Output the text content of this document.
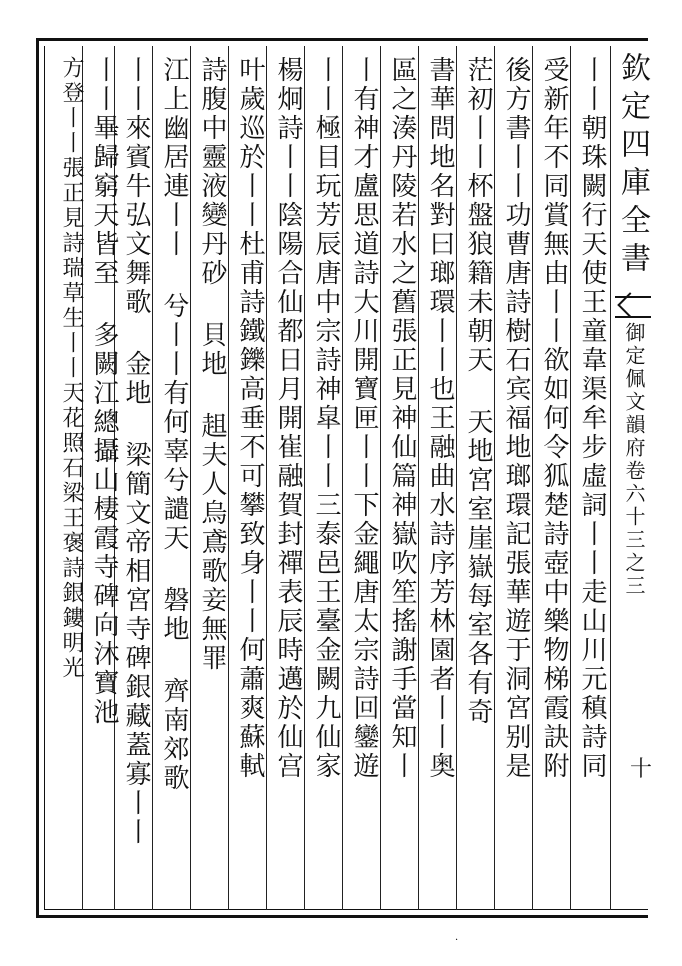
欽定四庫全書
御定佩文韻府卷六十三之三
十
丨丨朝珠闕行天使王童韋渠牟步虛詞丨丨走山川元稹詩同
受新年不同賞無由丨丨欲如何令狐楚詩壺中樂物梯霞訣附
後方書丨丨功曹唐詩樹石宾福地瑯環記張華遊于洞宮别是
茫初丨丨杯盤狼籍未朝天 天地宮室崖嶽每室各有奇
書華問地名對曰瑯環丨丨也王融曲水詩序芳林園者丨丨奥
區之湊丹陵若水之舊張正見神仙篇神嶽吹笙搖謝手當知丨
丨有神才盧思道詩大川開寶匣丨丨下金繩唐太宗詩回鑾遊
丨丨極目玩芳辰唐中宗詩神皐丨丨三泰邑王臺金闕九仙家
楊炯詩丨丨陰陽合仙都日月開崔融賀封禪表辰時邁於仙宫
叶歲巡於丨丨杜甫詩鐵鑠高垂不可攀致身丨丨何蕭爽蘇軾
詩腹中靈液變丹砂 貝地 趄夫人烏鳶歌妾無罪
江上幽居連丨丨 兮丨丨有何辜兮譴天 磐地 齊南郊歌
丨丨來賓牛弘文舞歌 金地 梁簡文帝相宮寺碑銀藏蓋寡丨丨
丨丨畢歸窮天皆至 多闕江總攝山棲霞寺碑向沐寶池
方登丨丨張正見詩瑞草生丨丨天花照石梁王褒詩銀鏤明光
·
